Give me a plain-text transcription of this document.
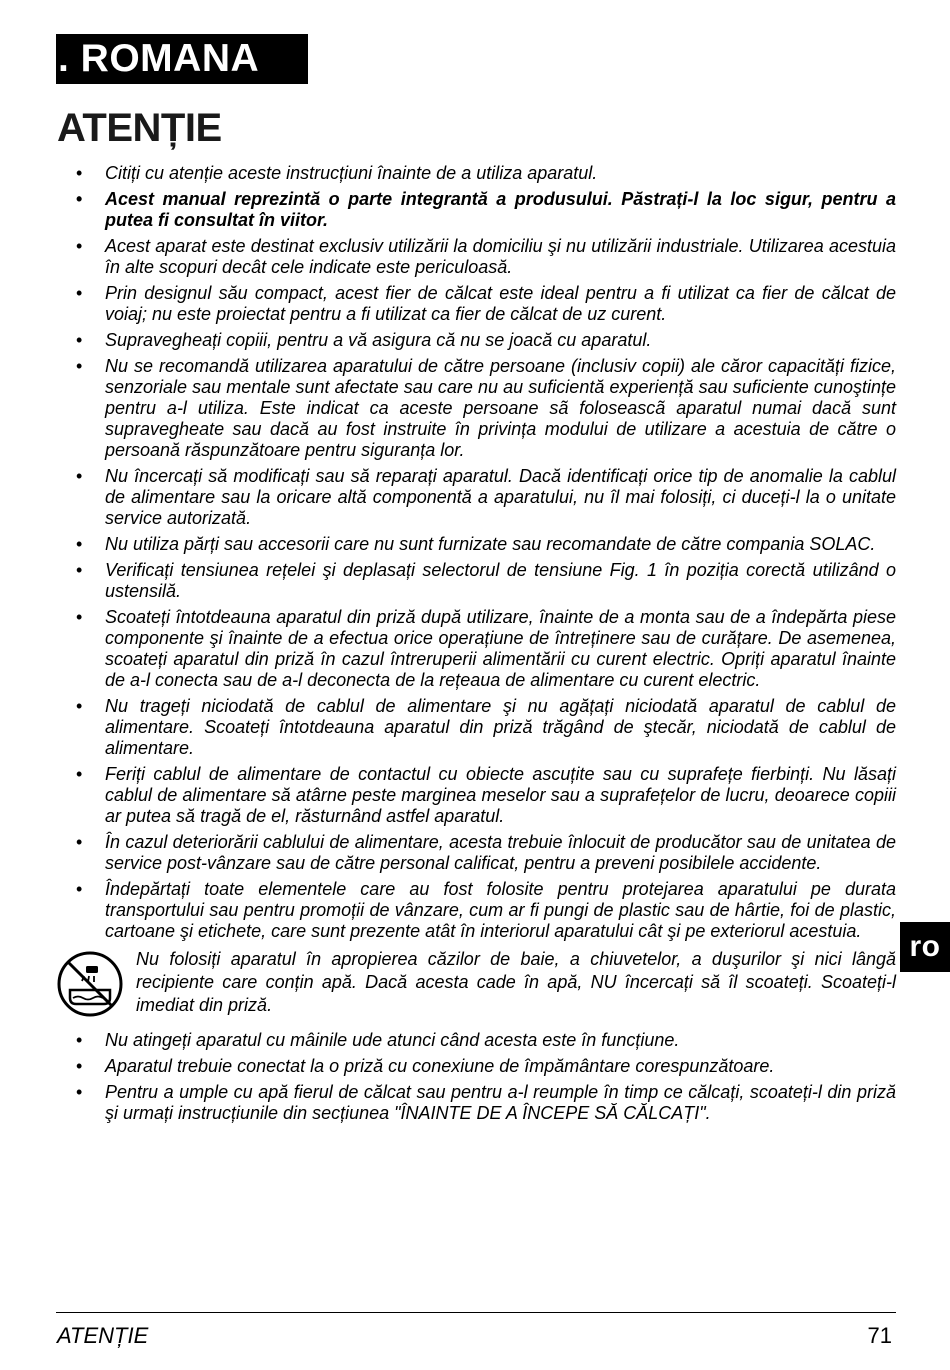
. ROMANA
ATENȚIE
• Citiți cu atenție aceste instrucțiuni înainte de a utiliza aparatul.
• Acest manual reprezintă o parte integrantă a produsului. Păstrați-l la loc sigur, pentru a putea fi consultat în viitor.
• Acest aparat este destinat exclusiv utilizării la domiciliu şi nu utilizării industriale. Utilizarea acestuia în alte scopuri decât cele indicate este periculoasă.
• Prin designul său compact, acest fier de călcat este ideal pentru a fi utilizat ca fier de călcat de voiaj; nu este proiectat pentru a fi utilizat ca fier de călcat de uz curent.
• Supravegheați copiii, pentru a vă asigura că nu se joacă cu aparatul.
• Nu se recomandă utilizarea aparatului de către persoane (inclusiv copii) ale căror capacități fizice, senzoriale sau mentale sunt afectate sau care nu au suficientă experiență sau suficiente cunoştințe pentru a-l utiliza. Este indicat ca aceste persoane sã foloseascã aparatul numai dacă sunt supravegheate sau dacă au fost instruite în privința modului de utilizare a acestuia de către o persoană răspunzătoare pentru siguranța lor.
• Nu încercați să modificați sau să reparați aparatul. Dacă identificați orice tip de anomalie la cablul de alimentare sau la oricare altă componentă a aparatului, nu îl mai folosiți, ci duceți-l la o unitate service autorizată.
• Nu utiliza părți sau accesorii care nu sunt furnizate sau recomandate de către compania SOLAC.
• Verificați tensiunea rețelei şi deplasați selectorul de tensiune Fig. 1 în poziția corectă utilizând o ustensilă.
• Scoateți întotdeauna aparatul din priză după utilizare, înainte de a monta sau de a îndepărta piese componente şi înainte de a efectua orice operațiune de întreținere sau de curățare. De asemenea, scoateți aparatul din priză în cazul întreruperii alimentării cu curent electric. Opriți aparatul înainte de a-l conecta sau de a-l deconecta de la rețeaua de alimentare cu curent electric.
• Nu trageți niciodată de cablul de alimentare şi nu agățați niciodată aparatul de cablul de alimentare. Scoateți întotdeauna aparatul din priză trăgând de ştecăr, niciodată de cablul de alimentare.
• Feriți cablul de alimentare de contactul cu obiecte ascuțite sau cu suprafețe fierbinți. Nu lăsați cablul de alimentare să atârne peste marginea meselor sau a suprafețelor de lucru, deoarece copiii ar putea să tragă de el, răsturnând astfel aparatul.
• În cazul deteriorării cablului de alimentare, acesta trebuie înlocuit de producător sau de unitatea de service post-vânzare sau de către personal calificat, pentru a preveni posibilele accidente.
• Îndepărtați toate elementele care au fost folosite pentru protejarea aparatului pe durata transportului sau pentru promoții de vânzare, cum ar fi pungi de plastic sau de hârtie, foi de plastic, cartoane şi etichete, care sunt prezente atât în interiorul aparatului cât şi pe exteriorul acestuia.
Nu folosiți aparatul în apropierea căzilor de baie, a chiuvetelor, a duşurilor şi nici lângă recipiente care conțin apă. Dacă acesta cade în apă, NU încercați să îl scoateți. Scoateți-l imediat din priză.
• Nu atingeți aparatul cu mâinile ude atunci când acesta este în funcțiune.
• Aparatul trebuie conectat la o priză cu conexiune de împământare corespunzătoare.
• Pentru a umple cu apă fierul de călcat sau pentru a-l reumple în timp ce călcați, scoateți-l din priză şi urmați instrucțiunile din secțiunea "ÎNAINTE DE A ÎNCEPE SĂ CĂLCAȚI".
ro
ATENȚIE	71
